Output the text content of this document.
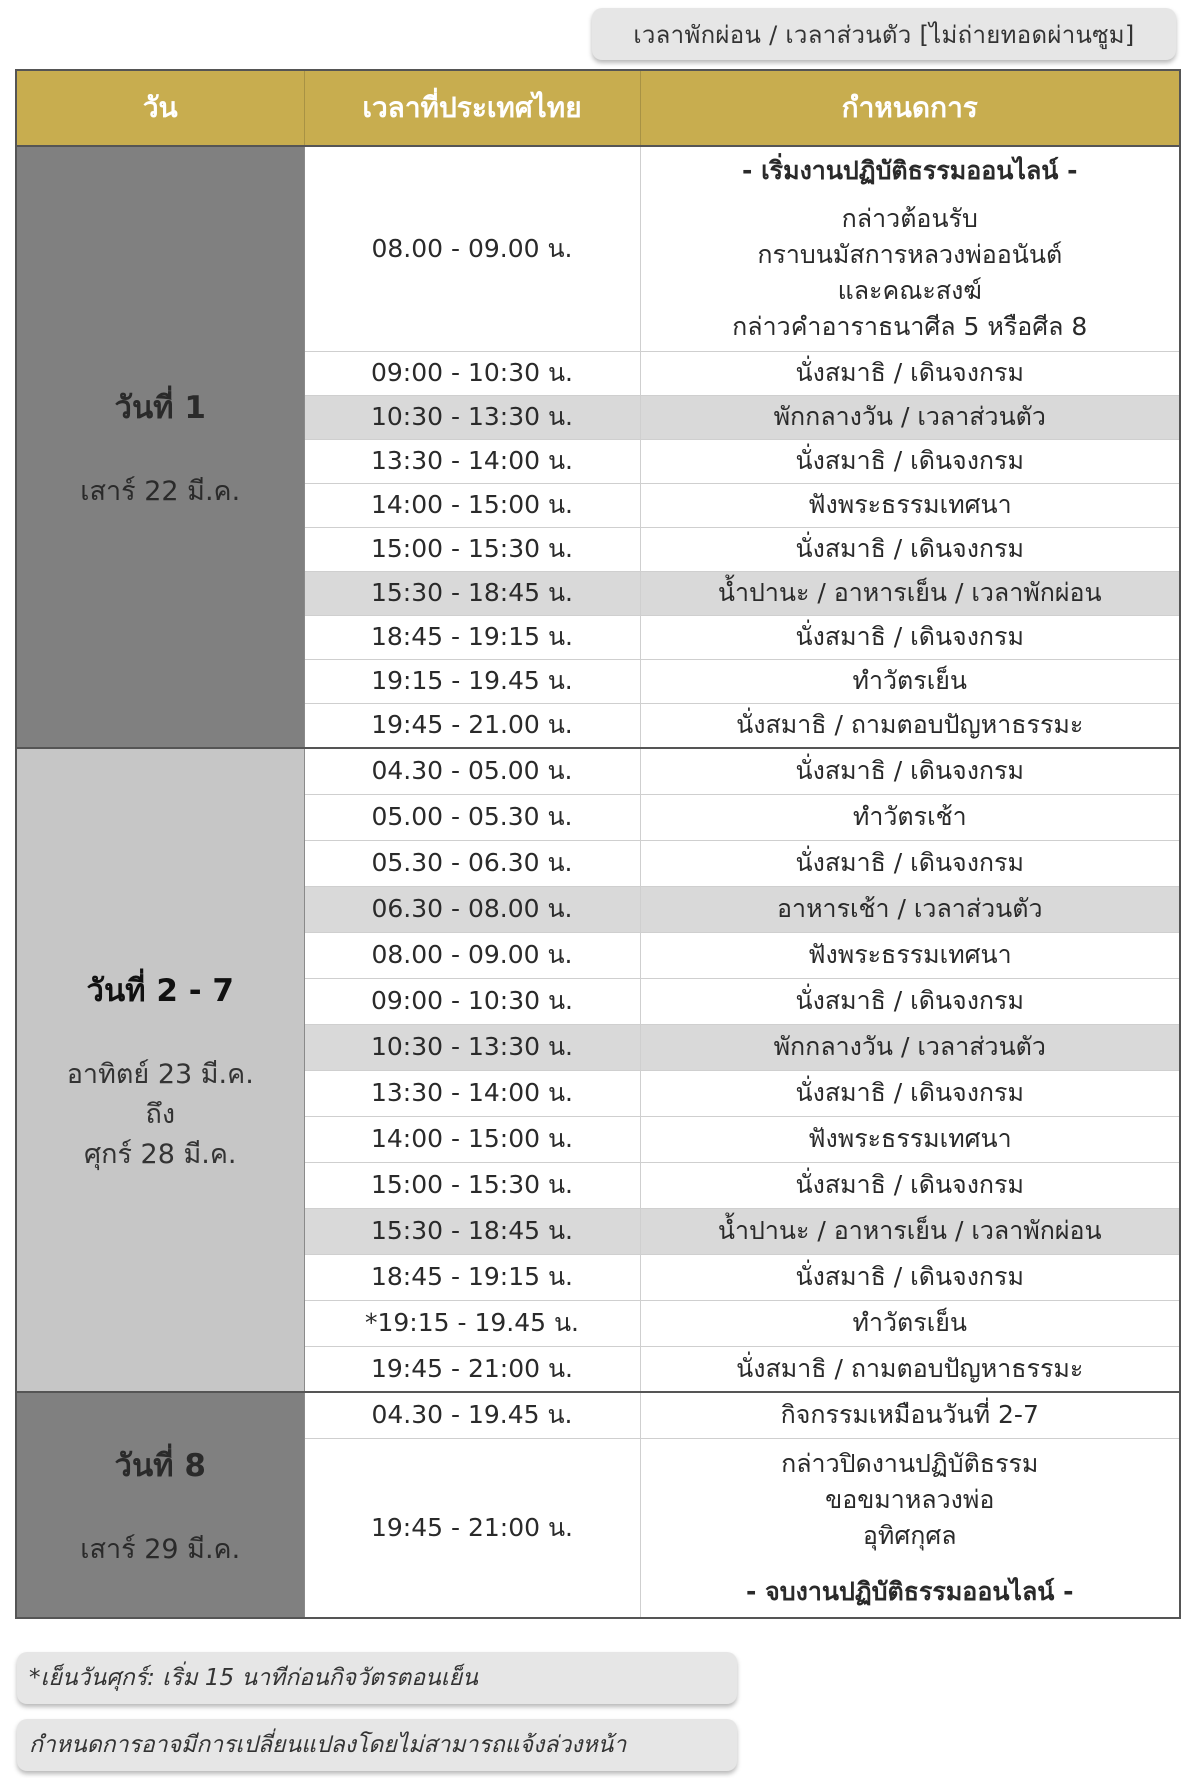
เวลาพักผ่อน / เวลาส่วนตัว [ไม่ถ่ายทอดผ่านซูม]
วัน	เวลาที่ประเทศไทย	กำหนดการ

วันที่ 1
เสาร์ 22 มี.ค.	08.00 - 09.00 น.	- เริ่มงานปฏิบัติธรรมออนไลน์ -
กล่าวต้อนรับ
กราบนมัสการหลวงพ่ออนันต์
และคณะสงฆ์
กล่าวคำอาราธนาศีล 5 หรือศีล 8

	09:00 - 10:30 น.	นั่งสมาธิ / เดินจงกรม
	10:30 - 13:30 น.	พักกลางวัน / เวลาส่วนตัว
	13:30 - 14:00 น.	นั่งสมาธิ / เดินจงกรม
	14:00 - 15:00 น.	ฟังพระธรรมเทศนา
	15:00 - 15:30 น.	นั่งสมาธิ / เดินจงกรม
	15:30 - 18:45 น.	น้ำปานะ / อาหารเย็น / เวลาพักผ่อน
	18:45 - 19:15 น.	นั่งสมาธิ / เดินจงกรม
	19:15 - 19.45 น.	ทำวัตรเย็น
	19:45 - 21.00 น.	นั่งสมาธิ / ถามตอบปัญหาธรรมะ

วันที่ 2 - 7
อาทิตย์ 23 มี.ค.
ถึง
ศุกร์ 28 มี.ค.	04.30 - 05.00 น.	นั่งสมาธิ / เดินจงกรม
	05.00 - 05.30 น.	ทำวัตรเช้า
	05.30 - 06.30 น.	นั่งสมาธิ / เดินจงกรม
	06.30 - 08.00 น.	อาหารเช้า / เวลาส่วนตัว
	08.00 - 09.00 น.	ฟังพระธรรมเทศนา
	09:00 - 10:30 น.	นั่งสมาธิ / เดินจงกรม
	10:30 - 13:30 น.	พักกลางวัน / เวลาส่วนตัว
	13:30 - 14:00 น.	นั่งสมาธิ / เดินจงกรม
	14:00 - 15:00 น.	ฟังพระธรรมเทศนา
	15:00 - 15:30 น.	นั่งสมาธิ / เดินจงกรม
	15:30 - 18:45 น.	น้ำปานะ / อาหารเย็น / เวลาพักผ่อน
	18:45 - 19:15 น.	นั่งสมาธิ / เดินจงกรม
	*19:15 - 19.45 น.	ทำวัตรเย็น
	19:45 - 21:00 น.	นั่งสมาธิ / ถามตอบปัญหาธรรมะ

วันที่ 8
เสาร์ 29 มี.ค.	04.30 - 19.45 น.	กิจกรรมเหมือนวันที่ 2-7
	19:45 - 21:00 น.	กล่าวปิดงานปฏิบัติธรรม
ขอขมาหลวงพ่อ
อุทิศกุศล
- จบงานปฏิบัติธรรมออนไลน์ -
*เย็นวันศุกร์: เริ่ม 15 นาทีก่อนกิจวัตรตอนเย็น
กำหนดการอาจมีการเปลี่ยนแปลงโดยไม่สามารถแจ้งล่วงหน้า
